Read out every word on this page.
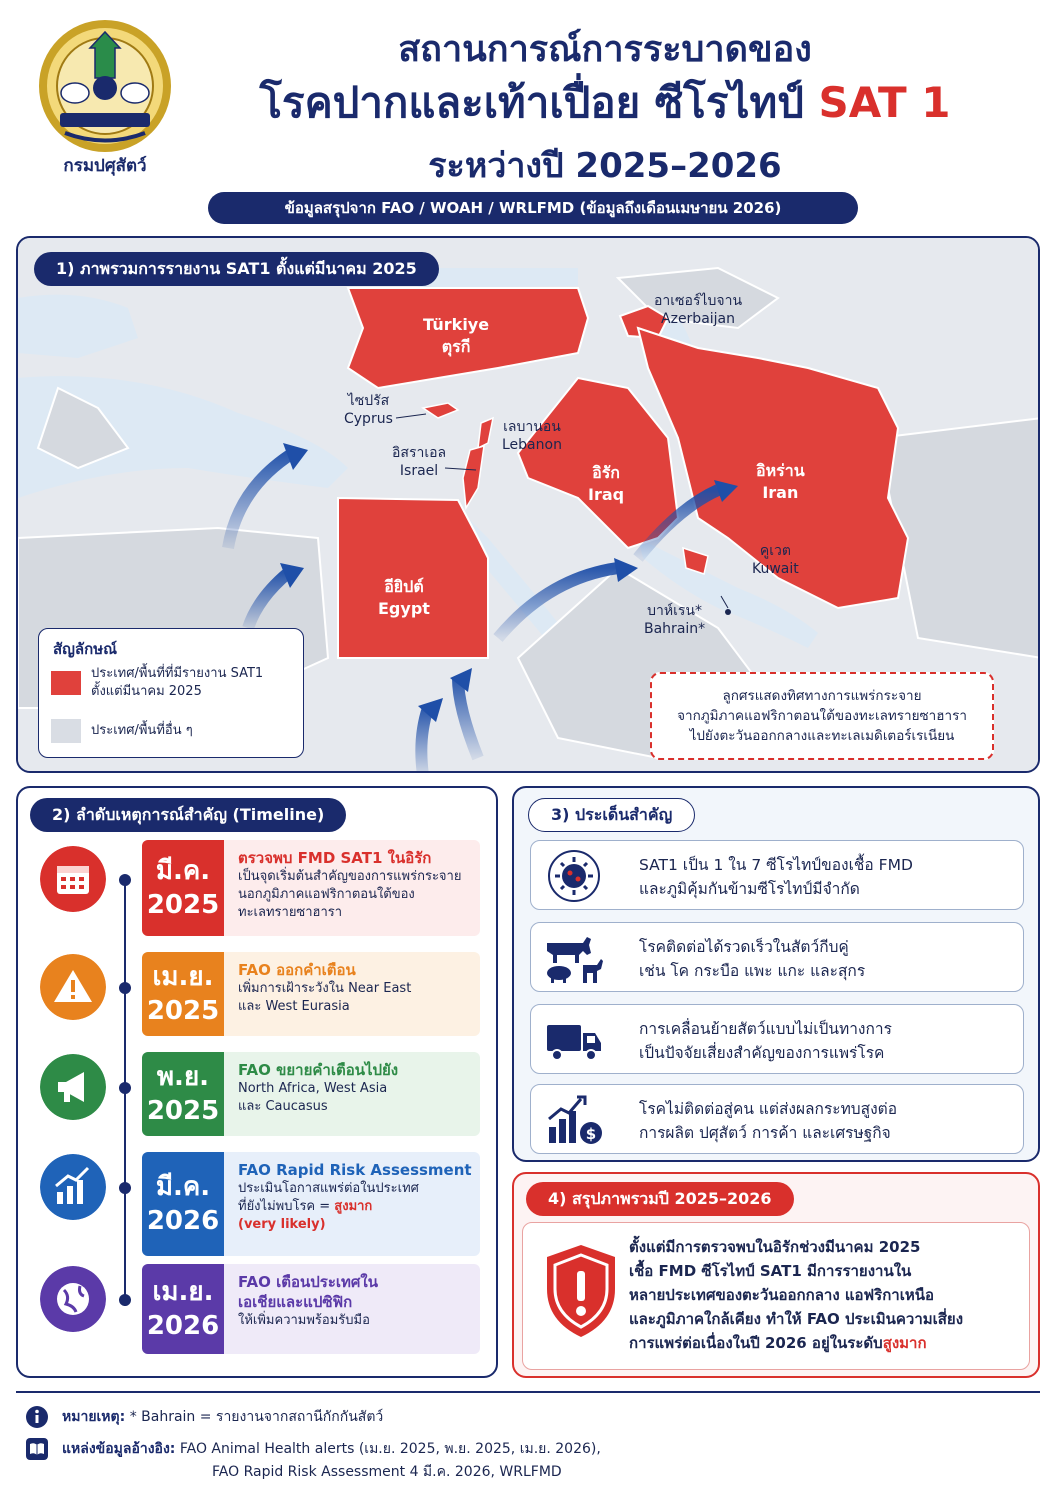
กรมปศุสัตว์
สถานการณ์การระบาดของ
โรคปากและเท้าเปื่อย ซีโรไทป์ SAT 1
ระหว่างปี 2025–2026
ข้อมูลสรุปจาก FAO / WOAH / WRLFMD (ข้อมูลถึงเดือนเมษายน 2026)
1) ภาพรวมการรายงาน SAT1 ตั้งแต่มีนาคม 2025
Türkiye
ตุรกี
อาเซอร์ไบจาน
Azerbaijan
ไซปรัส
Cyprus	เลบานอน
Lebanon
อิสราเอล
Israel	อิรัก
Iraq
อิหร่าน
Iran
อียิปต์
Egypt
คูเวต
Kuwait
บาห์เรน*
Bahrain*
สัญลักษณ์
ประเทศ/พื้นที่ที่มีรายงาน SAT1
ตั้งแต่มีนาคม 2025
ประเทศ/พื้นที่อื่น ๆ
ลูกศรแสดงทิศทางการแพร่กระจาย
จากภูมิภาคแอฟริกาตอนใต้ของทะเลทรายซาฮารา
ไปยังตะวันออกกลางและทะเลเมดิเตอร์เรเนียน
2) ลำดับเหตุการณ์สำคัญ (Timeline)
มี.ค.
2025
ตรวจพบ FMD SAT1 ในอิรัก
เป็นจุดเริ่มต้นสำคัญของการแพร่กระจาย
นอกภูมิภาคแอฟริกาตอนใต้ของ
ทะเลทรายซาฮารา
เม.ย.
2025
FAO ออกคำเตือน
เพิ่มการเฝ้าระวังใน Near East
และ West Eurasia
พ.ย.
2025
FAO ขยายคำเตือนไปยัง
North Africa, West Asia
และ Caucasus
มี.ค.
2026
FAO Rapid Risk Assessment
ประเมินโอกาสแพร่ต่อในประเทศ
ที่ยังไม่พบโรค = สูงมาก
(very likely)
เม.ย.
2026
FAO เตือนประเทศใน
เอเชียและแปซิฟิก
ให้เพิ่มความพร้อมรับมือ
3) ประเด็นสำคัญ
SAT1 เป็น 1 ใน 7 ซีโรไทป์ของเชื้อ FMD
และภูมิคุ้มกันข้ามซีโรไทป์มีจำกัด
โรคติดต่อได้รวดเร็วในสัตว์กีบคู่
เช่น โค กระบือ แพะ แกะ และสุกร
การเคลื่อนย้ายสัตว์แบบไม่เป็นทางการ
เป็นปัจจัยเสี่ยงสำคัญของการแพร่โรค
$
โรคไม่ติดต่อสู่คน แต่ส่งผลกระทบสูงต่อ
การผลิต ปศุสัตว์ การค้า และเศรษฐกิจ
4) สรุปภาพรวมปี 2025–2026
ตั้งแต่มีการตรวจพบในอิรักช่วงมีนาคม 2025
เชื้อ FMD ซีโรไทป์ SAT1 มีการรายงานใน
หลายประเทศของตะวันออกกลาง แอฟริกาเหนือ
และภูมิภาคใกล้เคียง ทำให้ FAO ประเมินความเสี่ยง
การแพร่ต่อเนื่องในปี 2026 อยู่ในระดับสูงมาก
หมายเหตุ: * Bahrain = รายงานจากสถานีกักกันสัตว์
แหล่งข้อมูลอ้างอิง: FAO Animal Health alerts (เม.ย. 2025, พ.ย. 2025, เม.ย. 2026),
FAO Rapid Risk Assessment 4 มี.ค. 2026, WRLFMD
